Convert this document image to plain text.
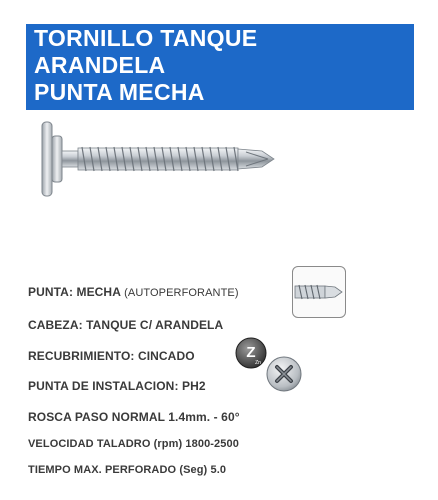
TORNILLO TANQUE
ARANDELA
PUNTA MECHA
PUNTA: MECHA (AUTOPERFORANTE)
CABEZA: TANQUE C/ ARANDELA
RECUBRIMIENTO: CINCADO
PUNTA DE INSTALACION: PH2
ROSCA PASO NORMAL 1.4mm. - 60°
VELOCIDAD TALADRO (rpm) 1800-2500
TIEMPO MAX. PERFORADO (Seg) 5.0
Z
Zn
